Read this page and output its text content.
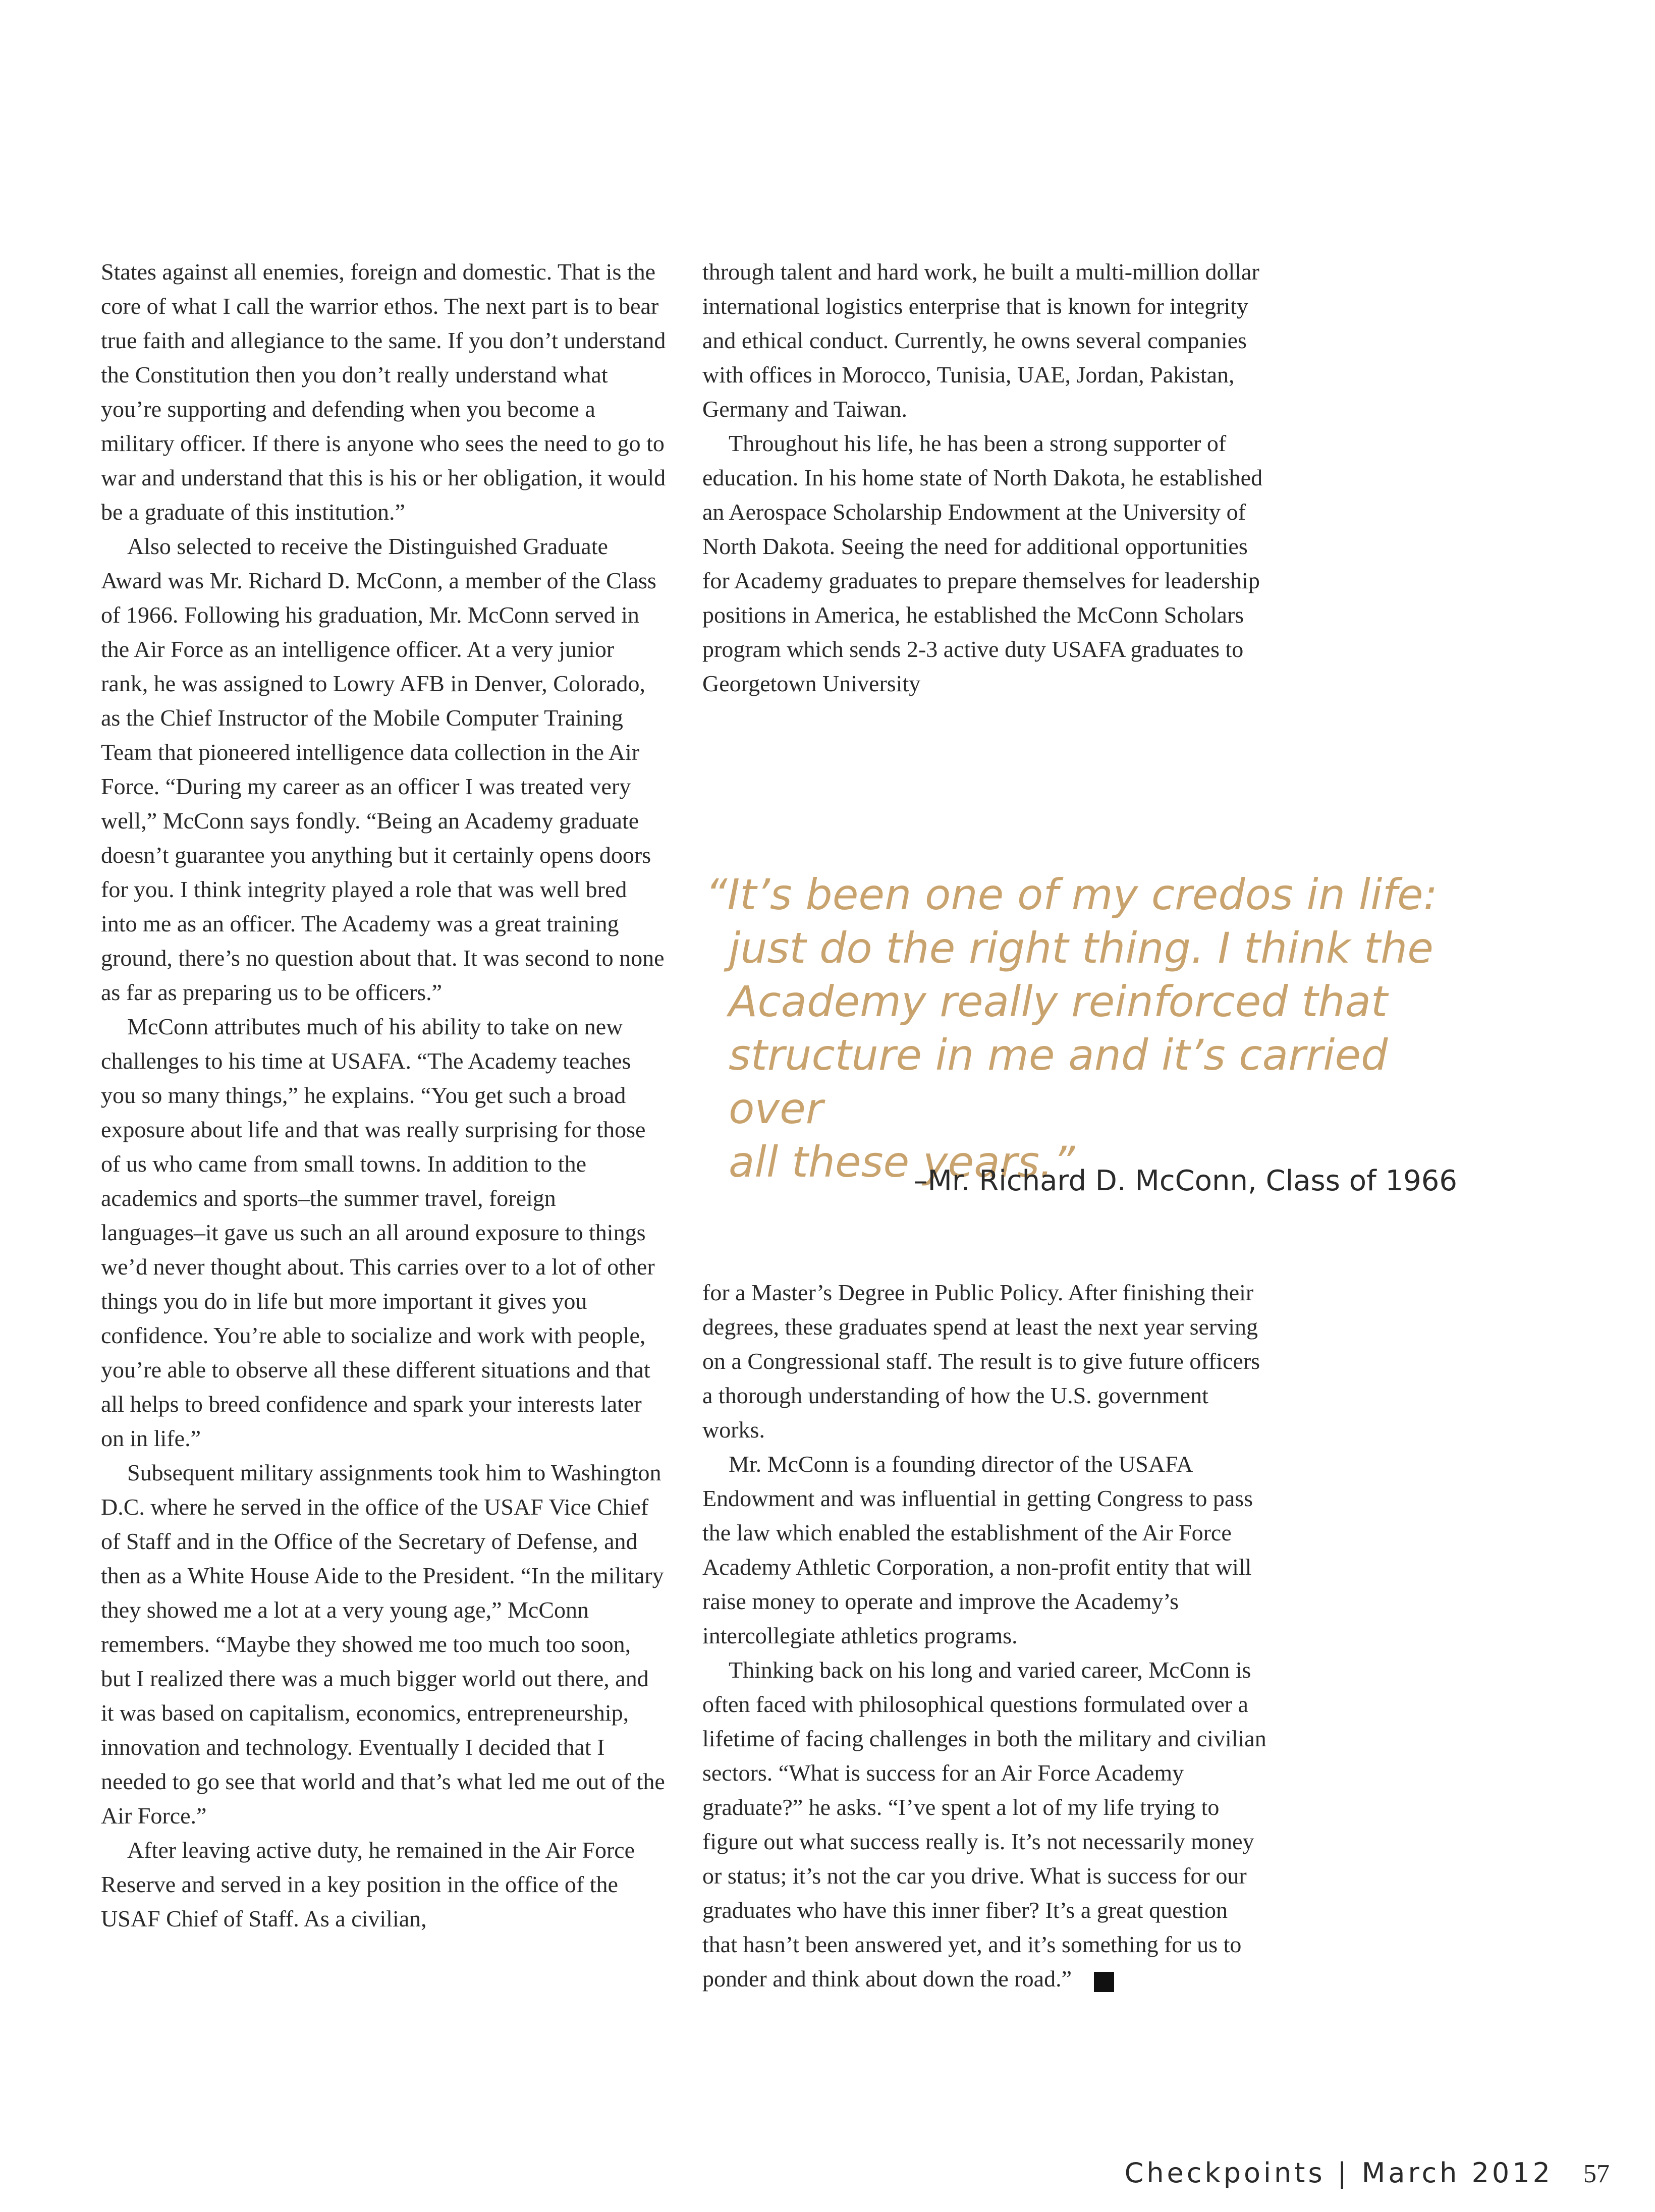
States against all enemies, foreign and domestic. That is the core of what I call the warrior ethos. The next part is to bear true faith and allegiance to the same. If you don’t understand the Constitution then you don’t really understand what you’re supporting and defending when you become a military officer. If there is anyone who sees the need to go to war and understand that this is his or her obligation, it would be a graduate of this institution.”

Also selected to receive the Distinguished Graduate Award was Mr. Richard D. McConn, a member of the Class of 1966. Following his graduation, Mr. McConn served in the Air Force as an intelligence officer. At a very junior rank, he was assigned to Lowry AFB in Denver, Colorado, as the Chief Instructor of the Mobile Computer Training Team that pioneered intelligence data collection in the Air Force. “During my career as an officer I was treated very well,” McConn says fondly. “Being an Academy graduate doesn’t guarantee you anything but it certainly opens doors for you. I think integrity played a role that was well bred into me as an officer. The Academy was a great training ground, there’s no question about that. It was second to none as far as preparing us to be officers.”

McConn attributes much of his ability to take on new challenges to his time at USAFA. “The Academy teaches you so many things,” he explains. “You get such a broad exposure about life and that was really surprising for those of us who came from small towns. In addition to the academics and sports–the summer travel, foreign languages–it gave us such an all around exposure to things we’d never thought about. This carries over to a lot of other things you do in life but more important it gives you confidence. You’re able to socialize and work with people, you’re able to observe all these different situations and that all helps to breed confidence and spark your interests later on in life.”

Subsequent military assignments took him to Washington D.C. where he served in the office of the USAF Vice Chief of Staff and in the Office of the Secretary of Defense, and then as a White House Aide to the President. “In the military they showed me a lot at a very young age,” McConn remembers. “Maybe they showed me too much too soon, but I realized there was a much bigger world out there, and it was based on capitalism, economics, entrepreneurship, innovation and technology. Eventually I decided that I needed to go see that world and that’s what led me out of the Air Force.”

After leaving active duty, he remained in the Air Force Reserve and served in a key position in the office of the USAF Chief of Staff. As a civilian,

through talent and hard work, he built a multi-million dollar international logistics enterprise that is known for integrity and ethical conduct. Currently, he owns several companies with offices in Morocco, Tunisia, UAE, Jordan, Pakistan, Germany and Taiwan.

Throughout his life, he has been a strong supporter of education. In his home state of North Dakota, he established an Aerospace Scholarship Endowment at the University of North Dakota. Seeing the need for additional opportunities for Academy graduates to prepare themselves for leadership positions in America, he established the McConn Scholars program which sends 2-3 active duty USAFA graduates to Georgetown University

“It’s been one of my credos in life:
just do the right thing. I think the
Academy really reinforced that
structure in me and it’s carried over
all these years.”
–Mr. Richard D. McConn, Class of 1966

for a Master’s Degree in Public Policy. After finishing their degrees, these graduates spend at least the next year serving on a Congressional staff. The result is to give future officers a thorough understanding of how the U.S. government works.

Mr. McConn is a founding director of the USAFA Endowment and was influential in getting Congress to pass the law which enabled the establishment of the Air Force Academy Athletic Corporation, a non-profit entity that will raise money to operate and improve the Academy’s intercollegiate athletics programs.

Thinking back on his long and varied career, McConn is often faced with philosophical questions formulated over a lifetime of facing challenges in both the military and civilian sectors. “What is success for an Air Force Academy graduate?” he asks. “I’ve spent a lot of my life trying to figure out what success really is. It’s not necessarily money or status; it’s not the car you drive. What is success for our graduates who have this inner fiber? It’s a great question that hasn’t been answered yet, and it’s something for us to ponder and think about down the road.”	✓

Checkpoints | March 2012 57
